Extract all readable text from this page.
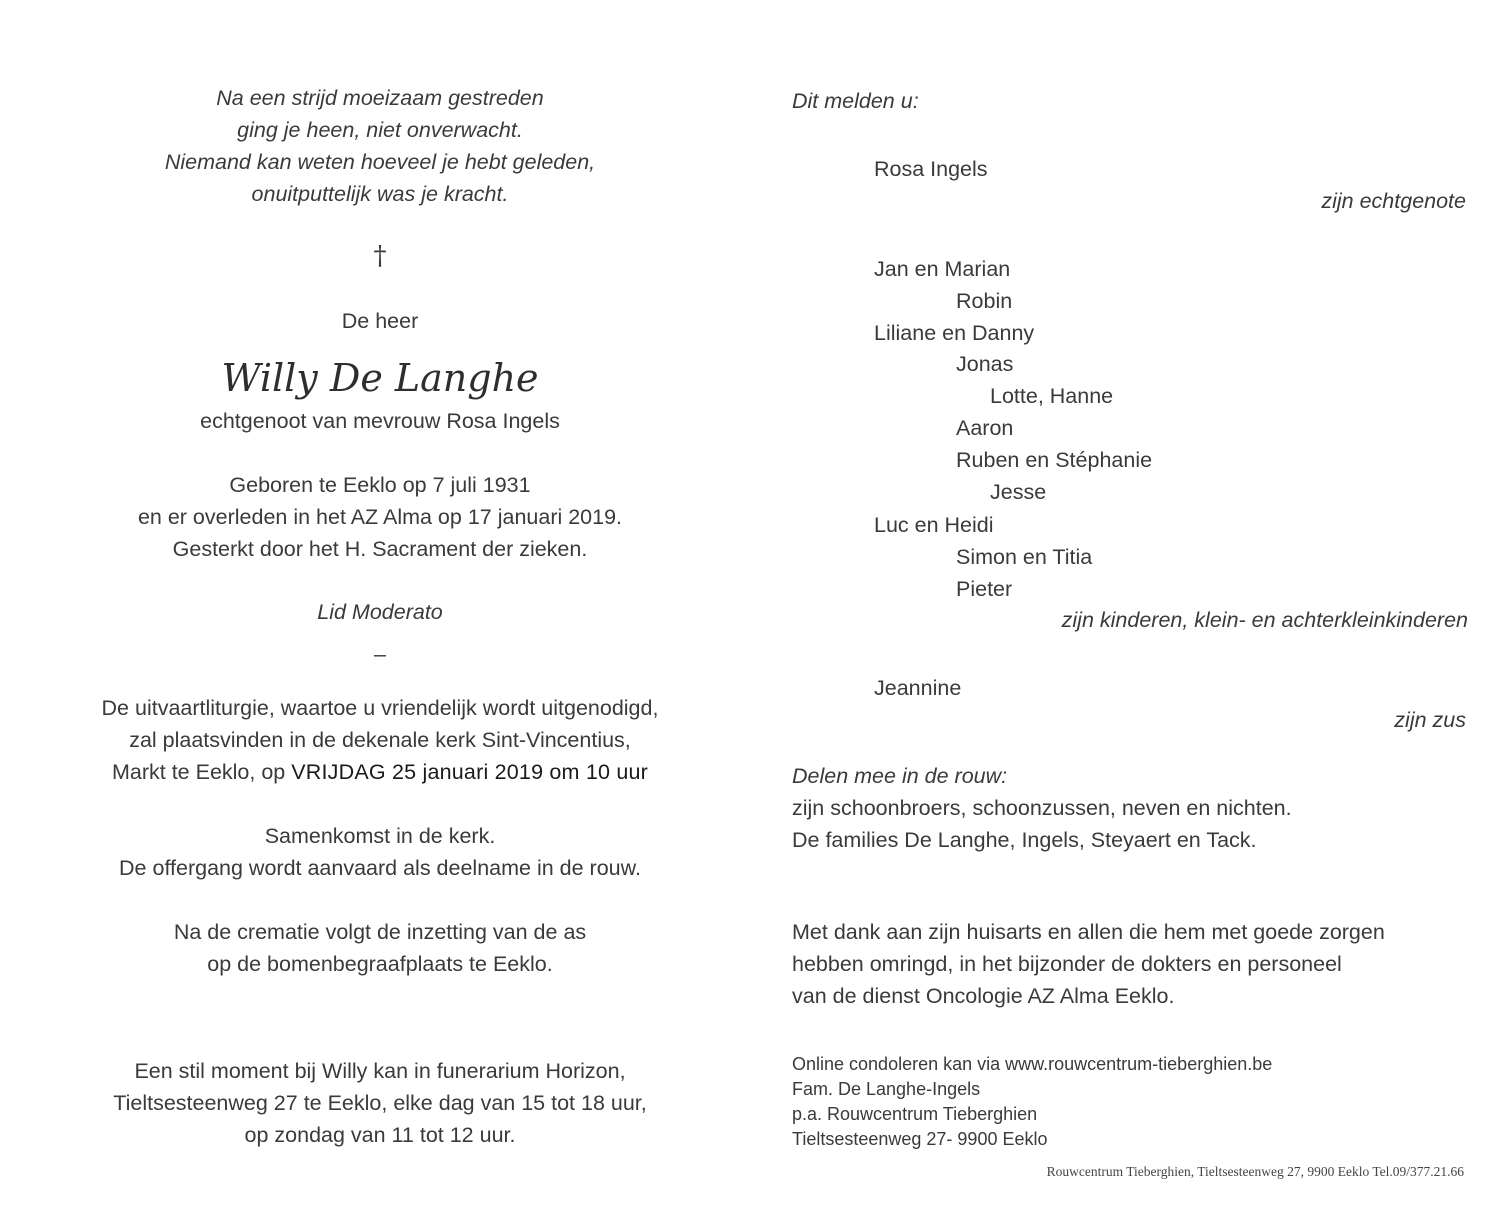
Na een strijd moeizaam gestreden
ging je heen, niet onverwacht.
Niemand kan weten hoeveel je hebt geleden,
onuitputtelijk was je kracht.
†
De heer
Willy De Langhe
echtgenoot van mevrouw Rosa Ingels
Geboren te Eeklo op 7 juli 1931
en er overleden in het AZ Alma op 17 januari 2019.
Gesterkt door het H. Sacrament der zieken.
Lid Moderato
–
De uitvaartliturgie, waartoe u vriendelijk wordt uitgenodigd,
zal plaatsvinden in de dekenale kerk Sint-Vincentius,
Markt te Eeklo, op VRIJDAG 25 januari 2019 om 10 uur
Samenkomst in de kerk.
De offergang wordt aanvaard als deelname in de rouw.
Na de crematie volgt de inzetting van de as
op de bomenbegraafplaats te Eeklo.
Een stil moment bij Willy kan in funerarium Horizon,
Tieltsesteenweg 27 te Eeklo, elke dag van 15 tot 18 uur,
op zondag van 11 tot 12 uur.
Dit melden u:
Rosa Ingels
zijn echtgenote
Jan en Marian
Robin
Liliane en Danny
Jonas
Lotte, Hanne
Aaron
Ruben en Stéphanie
Jesse
Luc en Heidi
Simon en Titia
Pieter
zijn kinderen, klein- en achterkleinkinderen
Jeannine
zijn zus
Delen mee in de rouw:
zijn schoonbroers, schoonzussen, neven en nichten.
De families De Langhe, Ingels, Steyaert en Tack.
Met dank aan zijn huisarts en allen die hem met goede zorgen
hebben omringd, in het bijzonder de dokters en personeel
van de dienst Oncologie AZ Alma Eeklo.
Online condoleren kan via www.rouwcentrum-tieberghien.be
Fam. De Langhe-Ingels
p.a. Rouwcentrum Tieberghien
Tieltsesteenweg 27- 9900 Eeklo
Rouwcentrum Tieberghien, Tieltsesteenweg 27, 9900 Eeklo Tel.09/377.21.66
